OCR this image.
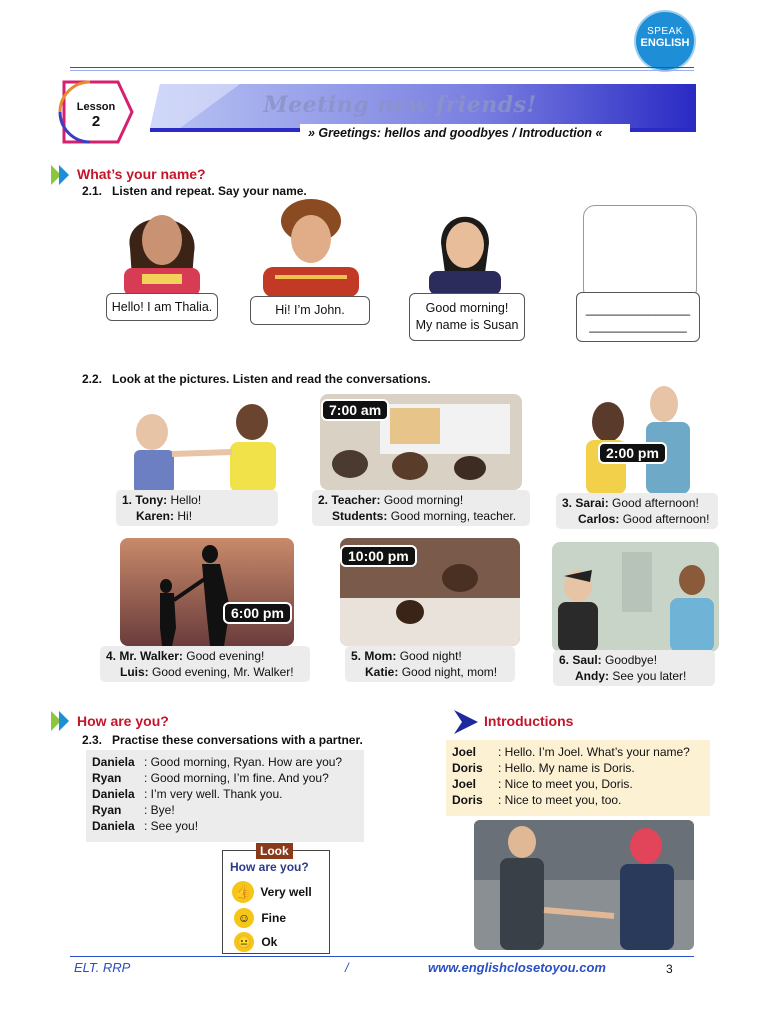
SPEAK
ENGLISH
Meeting new friends!
» Greetings: hellos and goodbyes / Introduction «
Lesson
2
What’s your name?
2.1. Listen and repeat. Say your name.
Hello! I am Thalia.	Hi! I’m John.	Good morning!
My name is Susan
_______________
______________
2.2. Look at the pictures. Listen and read the conversations.
1. Tony: Hello!
Karen: Hi!
7:00 am
2. Teacher: Good morning!
Students: Good morning, teacher.
2:00 pm
3. Sarai: Good afternoon!
Carlos: Good afternoon!
6:00 pm
4. Mr. Walker: Good evening!
Luis: Good evening, Mr. Walker!
10:00 pm
5. Mom: Good night!
Katie: Good night, mom!
6. Saul: Goodbye!
Andy: See you later!
How are you?
2.3. Practise these conversations with a partner.
Daniela : Good morning, Ryan. How are you?
Ryan : Good morning, I’m fine. And you?
Daniela : I’m very well. Thank you.
Ryan : Bye!
Daniela : See you!
Look
How are you?
👍 Very well
☺ Fine
😐 Ok
Introductions
Joel : Hello. I’m Joel. What’s your name?
Doris : Hello. My name is Doris.
Joel : Nice to meet you, Doris.
Doris : Nice to meet you, too.
ELT. RRP	/	www.englishclosetoyou.com	3
